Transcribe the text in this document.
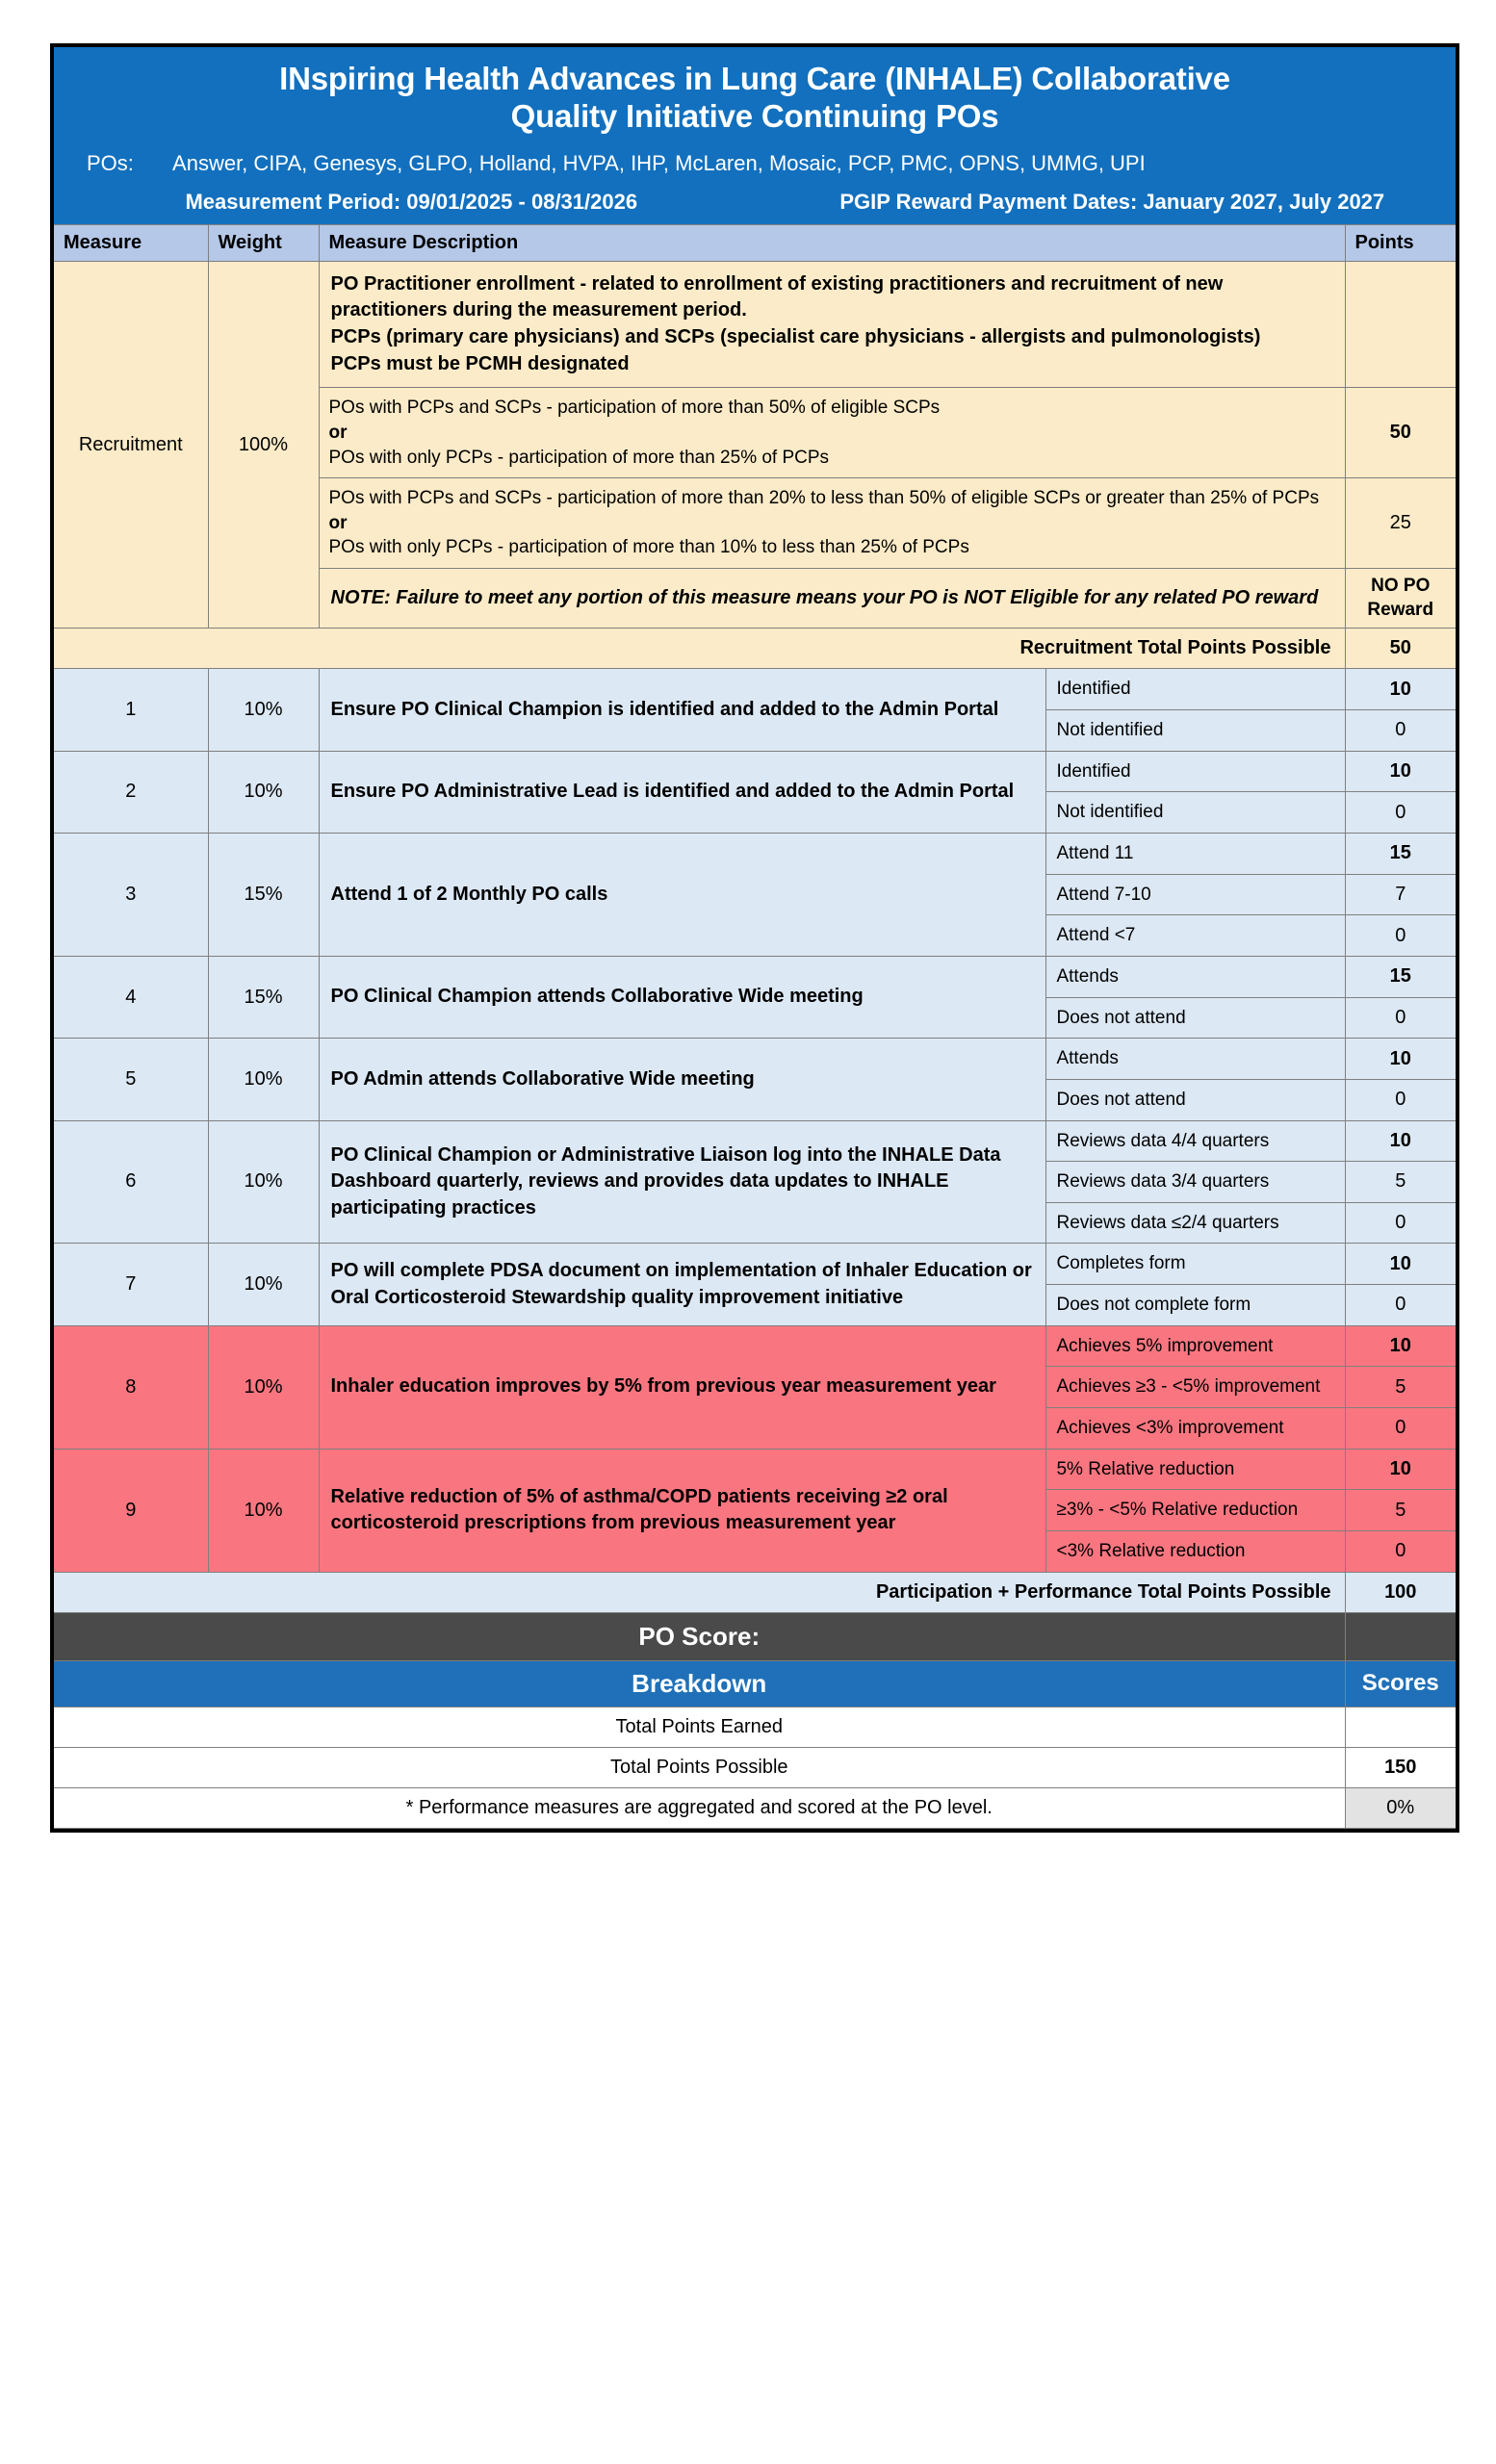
INspiring Health Advances in Lung Care (INHALE) Collaborative
Quality Initiative Continuing POs
POs: Answer, CIPA, Genesys, GLPO, Holland, HVPA, IHP, McLaren, Mosaic, PCP, PMC, OPNS, UMMG, UPI
Measurement Period: 09/01/2025 - 08/31/2026	PGIP Reward Payment Dates: January 2027, July 2027
Measure	Weight	Measure Description		Points
Recruitment	100%	PO Practitioner enrollment - related to enrollment of existing practitioners and recruitment of new practitioners during the measurement period.
PCPs (primary care physicians) and SCPs (specialist care physicians - allergists and pulmonologists)
PCPs must be PCMH designated		

		POs with PCPs and SCPs - participation of more than 50% of eligible SCPs
or
POs with only PCPs - participation of more than 25% of PCPs		50

		POs with PCPs and SCPs - participation of more than 20% to less than 50% of eligible SCPs or greater than 25% of PCPs
or
POs with only PCPs - participation of more than 10% to less than 25% of PCPs		25
		NOTE: Failure to meet any portion of this measure means your PO is NOT Eligible for any related PO reward		NO PO
Reward

Recruitment Total Points Possible				50
1	10%	Ensure PO Clinical Champion is identified and added to the Admin Portal	Identified	10
			Not identified	0
2	10%	Ensure PO Administrative Lead is identified and added to the Admin Portal	Identified	10
			Not identified	0
3	15%	Attend 1 of 2 Monthly PO calls	Attend 11	15
			Attend 7-10	7
			Attend <7	0
4	15%	PO Clinical Champion attends Collaborative Wide meeting	Attends	15
			Does not attend	0
5	10%	PO Admin attends Collaborative Wide meeting	Attends	10
			Does not attend	0
6	10%	PO Clinical Champion or Administrative Liaison log into the INHALE Data Dashboard quarterly, reviews and provides data updates to INHALE participating practices	Reviews data 4/4 quarters	10
			Reviews data 3/4 quarters	5
			Reviews data ≤2/4 quarters	0
7	10%	PO will complete PDSA document on implementation of Inhaler Education or Oral Corticosteroid Stewardship quality improvement initiative	Completes form	10
			Does not complete form	0
8	10%	Inhaler education improves by 5% from previous year measurement year	Achieves 5% improvement	10
			Achieves ≥3 - <5% improvement	5
			Achieves <3% improvement	0
9	10%	Relative reduction of 5% of asthma/COPD patients receiving ≥2 oral corticosteroid prescriptions from previous measurement year	5% Relative reduction	10
			≥3% - <5% Relative reduction	5
			<3% Relative reduction	0
Participation + Performance Total Points Possible				100
PO Score:				
Breakdown				Scores
Total Points Earned				
Total Points Possible				150
* Performance measures are aggregated and scored at the PO level.				0%
